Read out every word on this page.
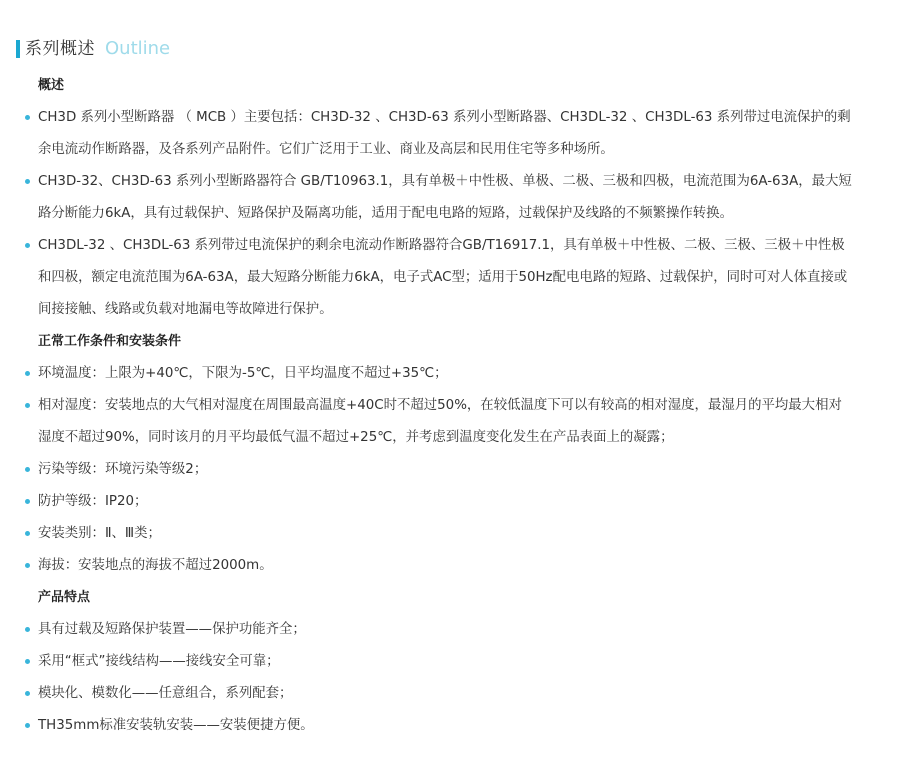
系列概述 Outline
概述
CH3D 系列小型断路器 （ MCB ）主要包括：CH3D-32 、CH3D-63 系列小型断路器、CH3DL-32 、CH3DL-63 系列带过电流保护的剩余电流动作断路器，及各系列产品附件。它们广泛用于工业、商业及高层和民用住宅等多种场所。
CH3D-32、CH3D-63 系列小型断路器符合 GB/T10963.1，具有单极＋中性极、单极、二极、三极和四极，电流范围为6A-63A，最大短路分断能力6kA，具有过载保护、短路保护及隔离功能，适用于配电电路的短路，过载保护及线路的不频繁操作转换。
CH3DL-32 、CH3DL-63 系列带过电流保护的剩余电流动作断路器符合GB/T16917.1，具有单极＋中性极、二极、三极、三极＋中性极和四极，额定电流范围为6A-63A，最大短路分断能力6kA，电子式AC型；适用于50Hz配电电路的短路、过载保护，同时可对人体直接或间接接触、线路或负载对地漏电等故障进行保护。
正常工作条件和安装条件
环境温度：上限为+40℃，下限为-5℃，日平均温度不超过+35℃；
相对湿度：安装地点的大气相对湿度在周围最高温度+40C时不超过50%，在较低温度下可以有较高的相对湿度，最湿月的平均最大相对湿度不超过90%，同时该月的月平均最低气温不超过+25℃，并考虑到温度变化发生在产品表面上的凝露；
污染等级：环境污染等级2；
防护等级：IP20；
安装类别：Ⅱ、Ⅲ类；
海拔：安装地点的海拔不超过2000m。
产品特点
具有过载及短路保护装置——保护功能齐全；
采用“框式”接线结构——接线安全可靠；
模块化、模数化——任意组合，系列配套；
TH35mm标准安装轨安装——安装便捷方便。
